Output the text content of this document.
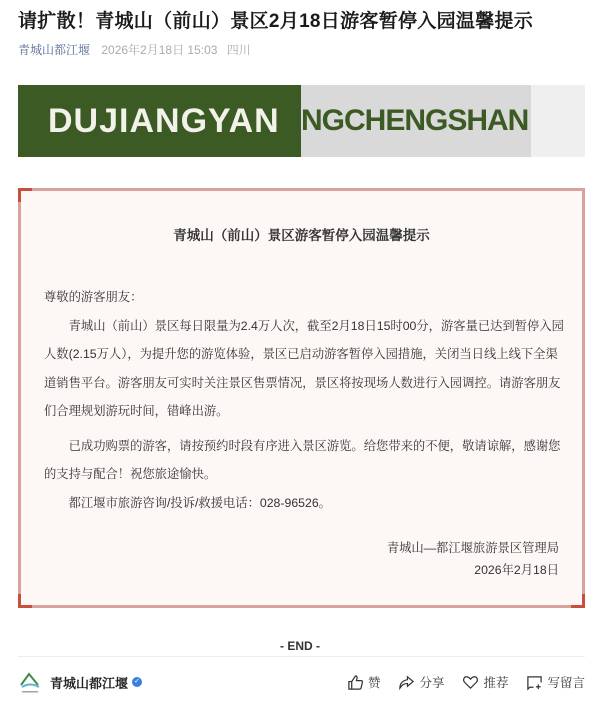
请扩散！青城山（前山）景区2月18日游客暂停入园温馨提示
青城山都江堰 2026年2月18日 15:03 四川
DUJIANGYAN NGCHENGSHAN
青城山（前山）景区游客暂停入园温馨提示

尊敬的游客朋友：

青城山（前山）景区每日限量为2.4万人次，截至2月18日15时00分，游客量已达到暂停入园人数(2.15万人），为提升您的游览体验，景区已启动游客暂停入园措施，关闭当日线上线下全渠道销售平台。游客朋友可实时关注景区售票情况，景区将按现场人数进行入园调控。请游客朋友们合理规划游玩时间，错峰出游。

已成功购票的游客，请按预约时段有序进入景区游览。给您带来的不便，敬请谅解，感谢您的支持与配合！祝您旅途愉快。

都江堰市旅游咨询/投诉/救援电话：028-96526。

青城山—都江堰旅游景区管理局
2026年2月18日
- END -
青城山都江堰 ✓	赞	分享	推荐	写留言
